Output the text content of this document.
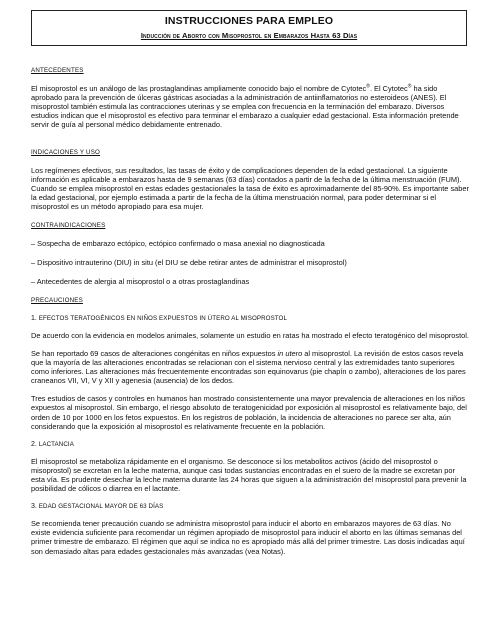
INSTRUCCIONES PARA EMPLEO
Inducción de Aborto con Misoprostol en Embarazos Hasta 63 Días
ANTECEDENTES

El misoprostol es un análogo de las prostaglandinas ampliamente conocido bajo el nombre de Cytotec®. El Cytotec® ha sido aprobado para la prevención de úlceras gástricas asociadas a la administración de antiinflamatorios no esteroideos (ANES). El misoprostol también estimula las contracciones uterinas y se emplea con frecuencia en la terminación del embarazo. Diversos estudios indican que el misoprostol es efectivo para terminar el embarazo a cualquier edad gestacional. Esta información pretende servir de guía al personal médico debidamente entrenado.

INDICACIONES Y USO

Los regímenes efectivos, sus resultados, las tasas de éxito y de complicaciones dependen de la edad gestacional. La siguiente información es aplicable a embarazos hasta de 9 semanas (63 días) contados a partir de la fecha de la última menstruación (FUM). Cuando se emplea misoprostol en estas edades gestacionales la tasa de éxito es aproximadamente del 85-90%. Es importante saber la edad gestacional, por ejemplo estimada a partir de la fecha de la última menstruación normal, para poder determinar si el misoprostol es un método apropiado para esa mujer.

CONTRAINDICACIONES
– Sospecha de embarazo ectópico, ectópico confirmado o masa anexial no diagnosticada
– Dispositivo intrauterino (DIU) in situ (el DIU se debe retirar antes de administrar el misoprostol)
– Antecedentes de alergia al misoprostol o a otras prostaglandinas
PRECAUCIONES
1. EFECTOS TERATOGÉNICOS EN NIÑOS EXPUESTOS IN ÚTERO AL MISOPROSTOL

De acuerdo con la evidencia en modelos animales, solamente un estudio en ratas ha mostrado el efecto teratogénico del misoprostol.

Se han reportado 69 casos de alteraciones congénitas en niños expuestos in utero al misoprostol. La revisión de estos casos revela que la mayoría de las alteraciones encontradas se relacionan con el sistema nervioso central y las extremidades tanto superiores como inferiores. Las alteraciones más frecuentemente encontradas son equinovarus (pie chapín o zambo), alteraciones de los pares craneanos VII, VI, V y XII y agenesia (ausencia) de los dedos.

Tres estudios de casos y controles en humanos han mostrado consistentemente una mayor prevalencia de alteraciones en los niños expuestos al misoprostol. Sin embargo, el riesgo absoluto de teratogenicidad por exposición al misoprostol es relativamente bajo, del orden de 10 por 1000 en los fetos expuestos. En los registros de población, la incidencia de alteraciones no parece ser alta, aún considerando que la exposición al misoprostol es relativamente frecuente en la población.

2. LACTANCIA

El misoprostol se metaboliza rápidamente en el organismo. Se desconoce si los metabolitos activos (ácido del misoprostol o misoprostol) se excretan en la leche materna, aunque casi todas sustancias encontradas en el suero de la madre se excretan por esta vía. Es prudente desechar la leche materna durante las 24 horas que siguen a la administración del misoprostol para prevenir la posibilidad de cólicos o diarrea en el lactante.

3. EDAD GESTACIONAL MAYOR DE 63 DÍAS

Se recomienda tener precaución cuando se administra misoprostol para inducir el aborto en embarazos mayores de 63 días. No existe evidencia suficiente para recomendar un régimen apropiado de misoprostol para inducir el aborto en las últimas semanas del primer trimestre de embarazo. El régimen que aquí se indica no es apropiado más allá del primer trimestre. Las dosis indicadas aquí son demasiado altas para edades gestacionales más avanzadas (vea Notas).
